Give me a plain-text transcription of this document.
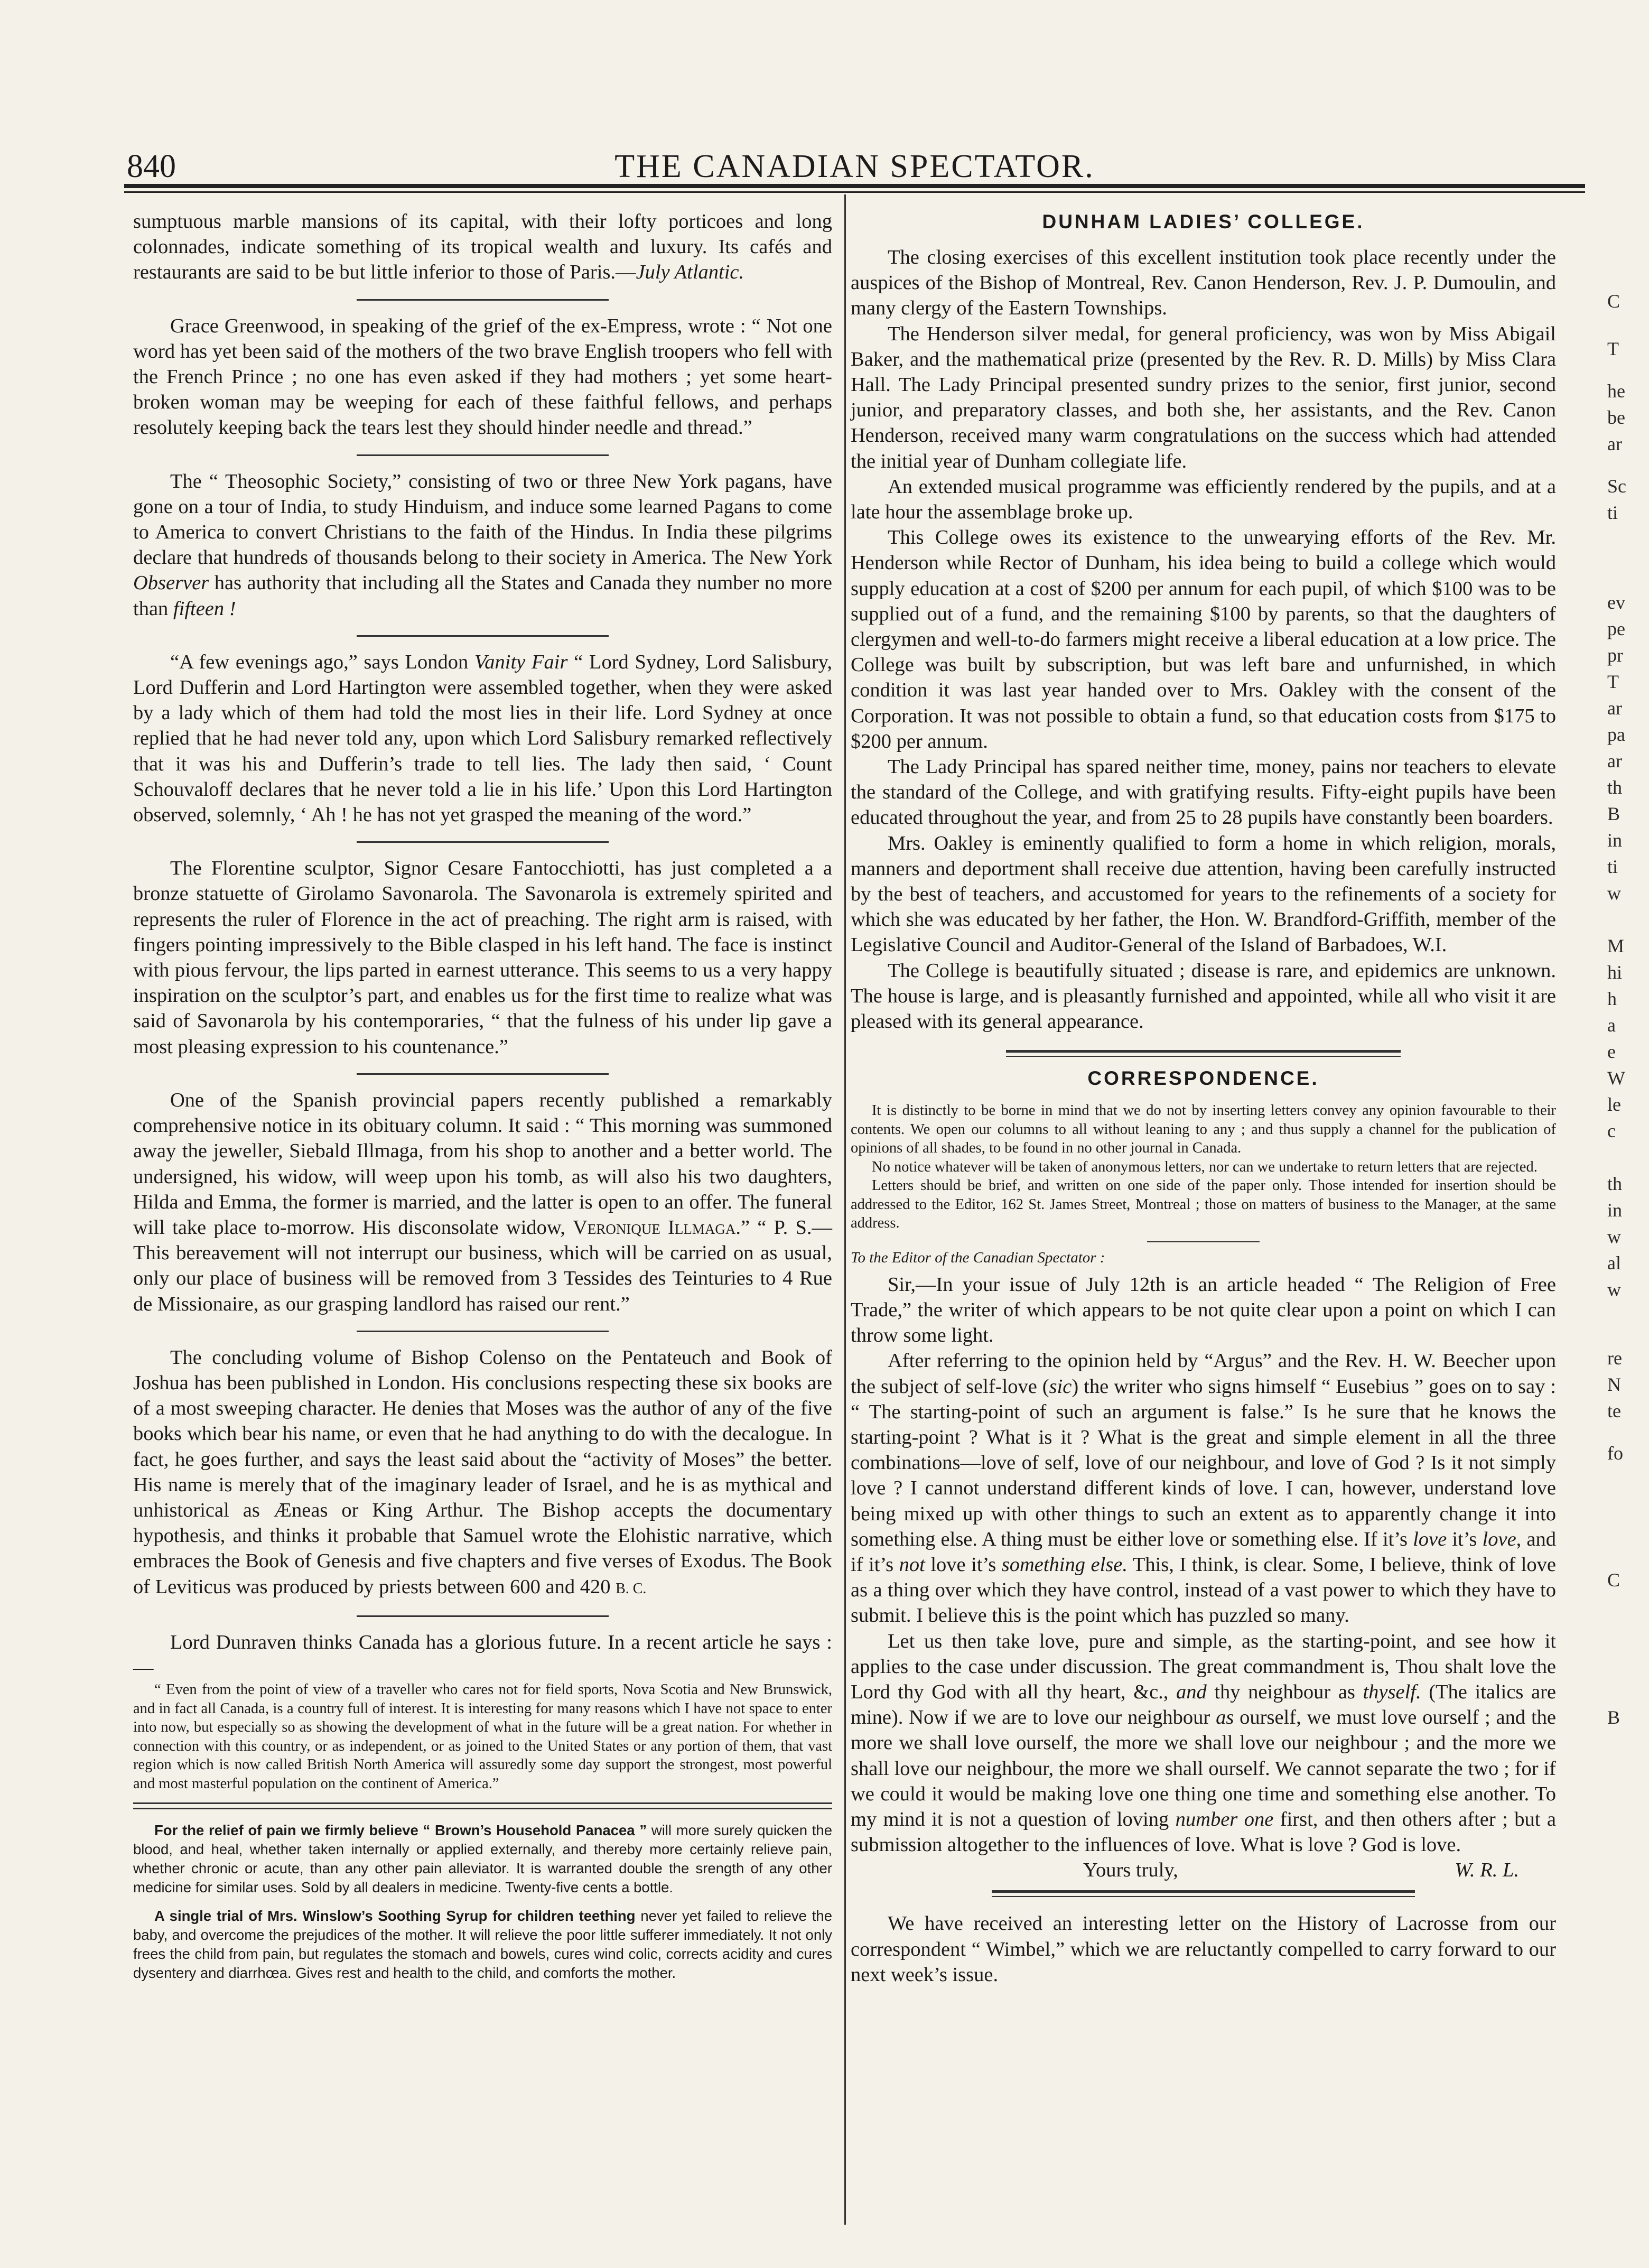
840	THE CANADIAN SPECTATOR.

sumptuous marble mansions of its capital, with their lofty porticoes and long colonnades, indicate something of its tropical wealth and luxury. Its cafés and restaurants are said to be but little inferior to those of Paris.—July Atlantic.

Grace Greenwood, in speaking of the grief of the ex-Empress, wrote : “ Not one word has yet been said of the mothers of the two brave English troopers who fell with the French Prince ; no one has even asked if they had mothers ; yet some heart-broken woman may be weeping for each of these faithful fellows, and perhaps resolutely keeping back the tears lest they should hinder needle and thread.”

The “ Theosophic Society,” consisting of two or three New York pagans, have gone on a tour of India, to study Hinduism, and induce some learned Pagans to come to America to convert Christians to the faith of the Hindus. In India these pilgrims declare that hundreds of thousands belong to their society in America. The New York Observer has authority that including all the States and Canada they number no more than fifteen !

“A few evenings ago,” says London Vanity Fair “ Lord Sydney, Lord Salisbury, Lord Dufferin and Lord Hartington were assembled together, when they were asked by a lady which of them had told the most lies in their life. Lord Sydney at once replied that he had never told any, upon which Lord Salisbury remarked reflectively that it was his and Dufferin’s trade to tell lies. The lady then said, ‘ Count Schouvaloff declares that he never told a lie in his life.’ Upon this Lord Hartington observed, solemnly, ‘ Ah ! he has not yet grasped the meaning of the word.”

The Florentine sculptor, Signor Cesare Fantocchiotti, has just completed a a bronze statuette of Girolamo Savonarola. The Savonarola is extremely spirited and represents the ruler of Florence in the act of preaching. The right arm is raised, with fingers pointing impressively to the Bible clasped in his left hand. The face is instinct with pious fervour, the lips parted in earnest utterance. This seems to us a very happy inspiration on the sculptor’s part, and enables us for the first time to realize what was said of Savonarola by his contemporaries, “ that the fulness of his under lip gave a most pleasing expression to his countenance.”

One of the Spanish provincial papers recently published a remarkably comprehensive notice in its obituary column. It said : “ This morning was summoned away the jeweller, Siebald Illmaga, from his shop to another and a better world. The undersigned, his widow, will weep upon his tomb, as will also his two daughters, Hilda and Emma, the former is married, and the latter is open to an offer. The funeral will take place to-morrow. His disconsolate widow, Veronique Illmaga.” “ P. S.—This bereavement will not interrupt our business, which will be carried on as usual, only our place of business will be removed from 3 Tessides des Teinturies to 4 Rue de Missionaire, as our grasping landlord has raised our rent.”

The concluding volume of Bishop Colenso on the Pentateuch and Book of Joshua has been published in London. His conclusions respecting these six books are of a most sweeping character. He denies that Moses was the author of any of the five books which bear his name, or even that he had anything to do with the decalogue. In fact, he goes further, and says the least said about the “activity of Moses” the better. His name is merely that of the imaginary leader of Israel, and he is as mythical and unhistorical as Æneas or King Arthur. The Bishop accepts the documentary hypothesis, and thinks it probable that Samuel wrote the Elohistic narrative, which embraces the Book of Genesis and five chapters and five verses of Exodus. The Book of Leviticus was produced by priests between 600 and 420 B. C.

Lord Dunraven thinks Canada has a glorious future. In a recent article he says :—

“ Even from the point of view of a traveller who cares not for field sports, Nova Scotia and New Brunswick, and in fact all Canada, is a country full of interest. It is interesting for many reasons which I have not space to enter into now, but especially so as showing the development of what in the future will be a great nation. For whether in connection with this country, or as independent, or as joined to the United States or any portion of them, that vast region which is now called British North America will assuredly some day support the strongest, most powerful and most masterful population on the continent of America.”

For the relief of pain we firmly believe “ Brown’s Household Panacea ” will more surely quicken the blood, and heal, whether taken internally or applied externally, and thereby more certainly relieve pain, whether chronic or acute, than any other pain alleviator. It is warranted double the srength of any other medicine for similar uses. Sold by all dealers in medicine. Twenty-five cents a bottle.

A single trial of Mrs. Winslow’s Soothing Syrup for children teething never yet failed to relieve the baby, and overcome the prejudices of the mother. It will relieve the poor little sufferer immediately. It not only frees the child from pain, but regulates the stomach and bowels, cures wind colic, corrects acidity and cures dysentery and diarrhœa. Gives rest and health to the child, and comforts the mother.

DUNHAM LADIES’ COLLEGE.

The closing exercises of this excellent institution took place recently under the auspices of the Bishop of Montreal, Rev. Canon Henderson, Rev. J. P. Dumoulin, and many clergy of the Eastern Townships.

The Henderson silver medal, for general proficiency, was won by Miss Abigail Baker, and the mathematical prize (presented by the Rev. R. D. Mills) by Miss Clara Hall. The Lady Principal presented sundry prizes to the senior, first junior, second junior, and preparatory classes, and both she, her assistants, and the Rev. Canon Henderson, received many warm congratulations on the success which had attended the initial year of Dunham collegiate life.

An extended musical programme was efficiently rendered by the pupils, and at a late hour the assemblage broke up.

This College owes its existence to the unwearying efforts of the Rev. Mr. Henderson while Rector of Dunham, his idea being to build a college which would supply education at a cost of $200 per annum for each pupil, of which $100 was to be supplied out of a fund, and the remaining $100 by parents, so that the daughters of clergymen and well-to-do farmers might receive a liberal education at a low price. The College was built by subscription, but was left bare and unfurnished, in which condition it was last year handed over to Mrs. Oakley with the consent of the Corporation. It was not possible to obtain a fund, so that education costs from $175 to $200 per annum.

The Lady Principal has spared neither time, money, pains nor teachers to elevate the standard of the College, and with gratifying results. Fifty-eight pupils have been educated throughout the year, and from 25 to 28 pupils have constantly been boarders.

Mrs. Oakley is eminently qualified to form a home in which religion, morals, manners and deportment shall receive due attention, having been carefully instructed by the best of teachers, and accustomed for years to the refinements of a society for which she was educated by her father, the Hon. W. Brandford-Griffith, member of the Legislative Council and Auditor-General of the Island of Barbadoes, W.I.

The College is beautifully situated ; disease is rare, and epidemics are unknown. The house is large, and is pleasantly furnished and appointed, while all who visit it are pleased with its general appearance.

CORRESPONDENCE.

It is distinctly to be borne in mind that we do not by inserting letters convey any opinion favourable to their contents. We open our columns to all without leaning to any ; and thus supply a channel for the publication of opinions of all shades, to be found in no other journal in Canada.

No notice whatever will be taken of anonymous letters, nor can we undertake to return letters that are rejected.

Letters should be brief, and written on one side of the paper only. Those intended for insertion should be addressed to the Editor, 162 St. James Street, Montreal ; those on matters of business to the Manager, at the same address.

To the Editor of the Canadian Spectator :

Sir,—In your issue of July 12th is an article headed “ The Religion of Free Trade,” the writer of which appears to be not quite clear upon a point on which I can throw some light.

After referring to the opinion held by “Argus” and the Rev. H. W. Beecher upon the subject of self-love (sic) the writer who signs himself “ Eusebius ” goes on to say : “ The starting-point of such an argument is false.” Is he sure that he knows the starting-point ? What is it ? What is the great and simple element in all the three combinations—love of self, love of our neighbour, and love of God ? Is it not simply love ? I cannot understand different kinds of love. I can, however, understand love being mixed up with other things to such an extent as to apparently change it into something else. A thing must be either love or something else. If it’s love it’s love, and if it’s not love it’s something else. This, I think, is clear. Some, I believe, think of love as a thing over which they have control, instead of a vast power to which they have to submit. I believe this is the point which has puzzled so many.

Let us then take love, pure and simple, as the starting-point, and see how it applies to the case under discussion. The great commandment is, Thou shalt love the Lord thy God with all thy heart, &c., and thy neighbour as thyself. (The italics are mine). Now if we are to love our neighbour as ourself, we must love ourself ; and the more we shall love ourself, the more we shall love our neighbour ; and the more we shall love our neighbour, the more we shall ourself. We cannot separate the two ; for if we could it would be making love one thing one time and something else another. To my mind it is not a question of loving number one first, and then others after ; but a submission altogether to the influences of love. What is love ? God is love.

Yours truly,	W. R. L.

We have received an interesting letter on the History of Lacrosse from our correspondent “ Wimbel,” which we are reluctantly compelled to carry forward to our next week’s issue.

C
T
he
be
ar
Sc
ti
ev
pe
pr
T
ar
pa
ar
th
B
in
ti
w
M
hi
h
a
e
W
le
c
th
in
w
al
w
re
N
te
fo
C
B
